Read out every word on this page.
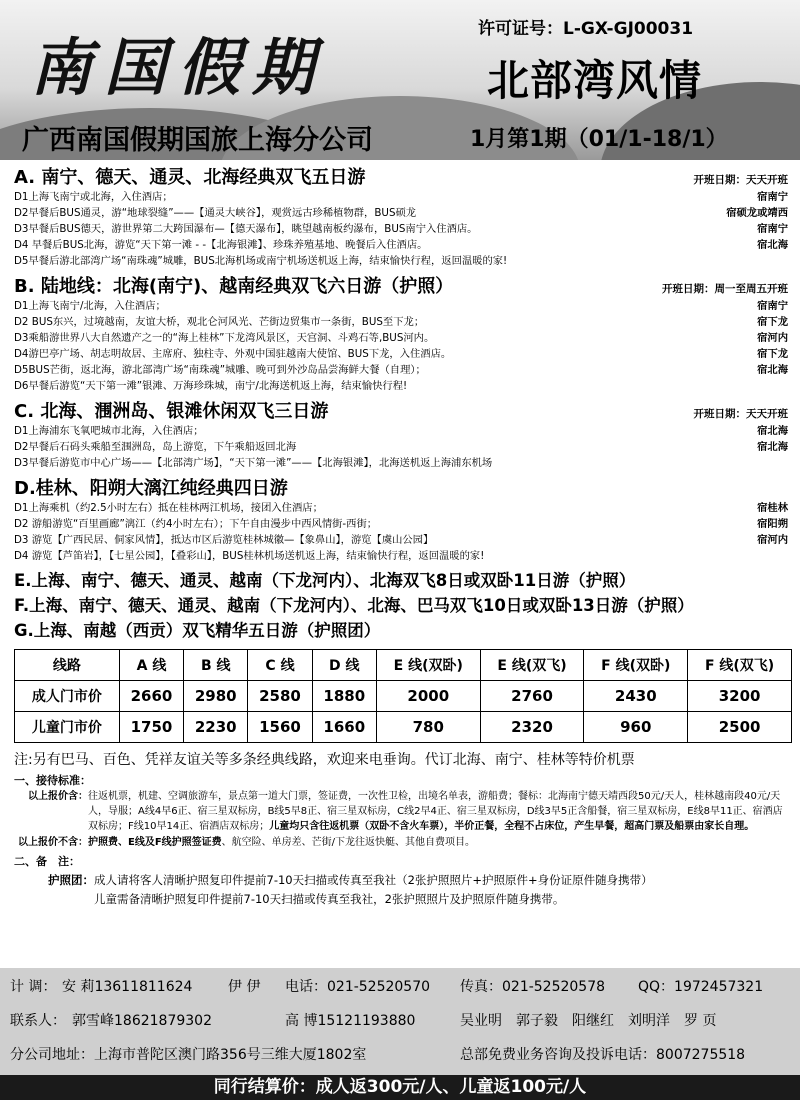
南国假期
许可证号：L-GX-GJ00031
北部湾风情
广西南国假期国旅上海分公司	1月第1期（01/1-18/1）
A. 南宁、德天、通灵、北海经典双飞五日游	开班日期：天天开班
D1上海飞南宁或北海，入住酒店；	宿南宁
D2早餐后BUS通灵，游“地球裂缝”——【通灵大峡谷】，观赏远古珍稀植物群，BUS硕龙	宿硕龙或靖西
D3早餐后BUS德天，游世界第二大跨国瀑布—【德天瀑布】，眺望越南板约瀑布，BUS南宁入住酒店。	宿南宁
D4 早餐后BUS北海，游览“天下第一滩 - -【北海银滩】、珍珠养殖基地、晚餐后入住酒店。	宿北海
D5早餐后游北部湾广场“南珠魂”城雕，BUS北海机场或南宁机场送机返上海，结束愉快行程，返回温暖的家!
B. 陆地线：北海(南宁)、越南经典双飞六日游（护照）	开班日期：周一至周五开班
D1上海飞南宁/北海，入住酒店；	宿南宁
D2 BUS东兴，过境越南，友谊大桥，观北仑河风光、芒街边贸集市一条街，BUS至下龙；	宿下龙
D3乘船游世界八大自然遗产之一的“海上桂林”下龙湾风景区，天宫洞、斗鸡石等,BUS河内。	宿河内
D4游巴亭广场、胡志明故居、主席府、独柱寺、外观中国驻越南大使馆、BUS下龙，入住酒店。	宿下龙
D5BUS芒街，返北海，游北部湾广场“南珠魂”城雕、晚可到外沙岛品尝海鲜大餐（自理）；	宿北海
D6早餐后游览“天下第一滩”银滩、万海珍珠城，南宁/北海送机返上海，结束愉快行程!
C. 北海、涠洲岛、银滩休闲双飞三日游	开班日期：天天开班
D1上海浦东飞氧吧城市北海，入住酒店；	宿北海
D2早餐后石码头乘船至涠洲岛，岛上游览，下午乘船返回北海	宿北海
D3早餐后游览市中心广场——【北部湾广场】，“天下第一滩”——【北海银滩】，北海送机返上海浦东机场
D.桂林、阳朔大漓江纯经典四日游
D1上海乘机（约2.5小时左右）抵在桂林两江机场，接团入住酒店；	宿桂林
D2 游船游览“百里画廊”漓江（约4小时左右）；下午自由漫步中西风情街-西街；	宿阳朔
D3 游览【广西民居、侗家风情】，抵达市区后游览桂林城徽—【象鼻山】，游览【虞山公园】	宿河内
D4 游览【芦笛岩】，【七星公园】，【叠彩山】，BUS桂林机场送机返上海，结束愉快行程，返回温暖的家!
E.上海、南宁、德天、通灵、越南（下龙河内）、北海双飞8日或双卧11日游（护照）
F.上海、南宁、德天、通灵、越南（下龙河内）、北海、巴马双飞10日或双卧13日游（护照）
G.上海、南越（西贡）双飞精华五日游（护照团）
线路	A 线	B 线	C 线	D 线	E 线(双卧)	E 线(双飞)	F 线(双卧)	F 线(双飞)
成人门市价	2660	2980	2580	1880	2000	2760	2430	3200
儿童门市价	1750	2230	1560	1660	780	2320	960	2500
注:另有巴马、百色、凭祥友谊关等多条经典线路，欢迎来电垂询。代订北海、南宁、桂林等特价机票
一、接待标准：
以上报价含： 往返机票，机建、空调旅游车，景点第一道大门票，签证费，一次性卫检，出境名单表，游船费；餐标：北海南宁德天靖西段50元/天人，桂林越南段40元/天人，导服；A线4早6正、宿三星双标房，B线5早8正、宿三星双标房，C线2早4正、宿三星双标房，D线3早5正含船餐，宿三星双标房，E线8早11正、宿酒店双标房；F线10早14正、宿酒店双标房；儿童均只含往返机票（双卧不含火车票），半价正餐，全程不占床位，产生早餐，超高门票及船票由家长自理。
以上报价不含： 护照费、E线及F线护照签证费、航空险、单房差、芒街/下龙往返快艇、其他自费项目。
二、备　注：
护照团： 成人请将客人清晰护照复印件提前7-10天扫描或传真至我社（2张护照照片+护照原件+身份证原件随身携带）
儿童需备清晰护照复印件提前7-10天扫描或传真至我社，2张护照照片及护照原件随身携带。
计 调： 安 莉13611811624	伊 伊 电话：021-52520570 传真：021-52520578 QQ：1972457321
联系人： 郭雪峰18621879302	高 博15121193880	吴业明　郭子毅　阳继红　刘明洋　罗 页
分公司地址：上海市普陀区澳门路356号三维大厦1802室	总部免费业务咨询及投诉电话：8007275518
同行结算价：成人返300元/人、儿童返100元/人
